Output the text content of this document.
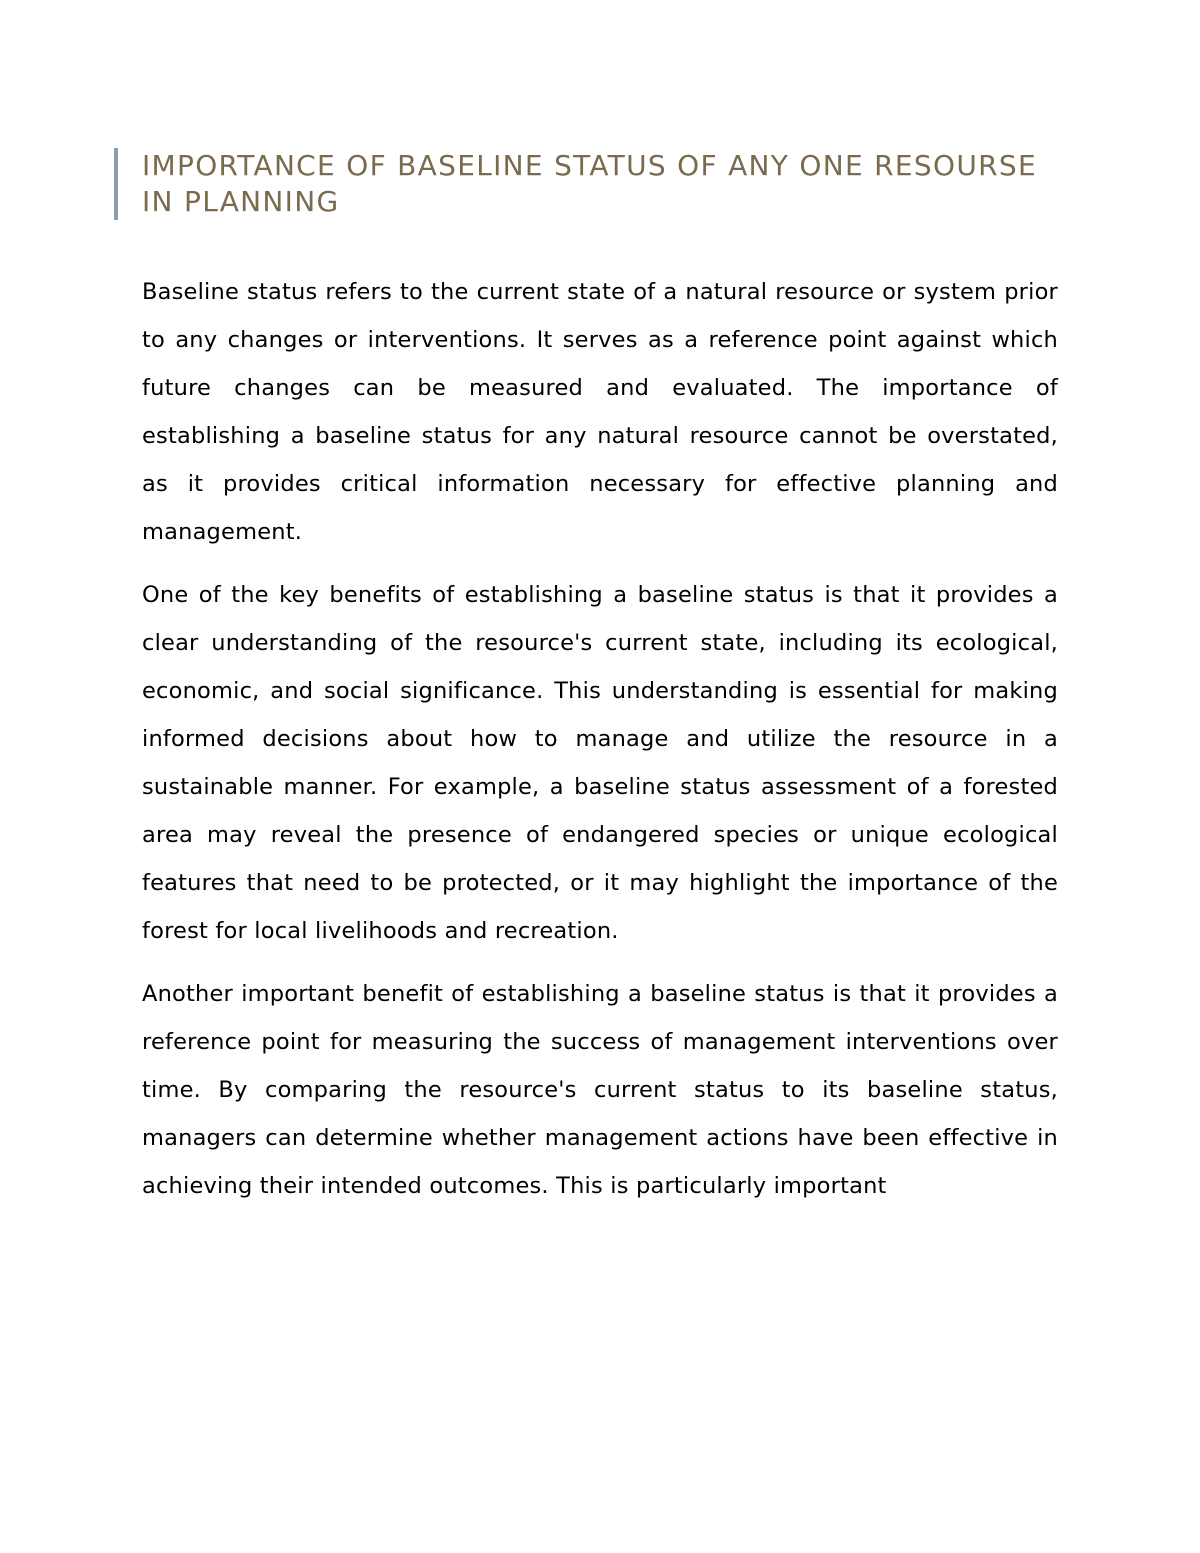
IMPORTANCE OF BASELINE STATUS OF ANY ONE RESOURSE IN PLANNING

Baseline status refers to the current state of a natural resource or system prior to any changes or interventions. It serves as a reference point against which future changes can be measured and evaluated. The importance of establishing a baseline status for any natural resource cannot be overstated, as it provides critical information necessary for effective planning and management.

One of the key benefits of establishing a baseline status is that it provides a clear understanding of the resource's current state, including its ecological, economic, and social significance. This understanding is essential for making informed decisions about how to manage and utilize the resource in a sustainable manner. For example, a baseline status assessment of a forested area may reveal the presence of endangered species or unique ecological features that need to be protected, or it may highlight the importance of the forest for local livelihoods and recreation.

Another important benefit of establishing a baseline status is that it provides a reference point for measuring the success of management interventions over time. By comparing the resource's current status to its baseline status, managers can determine whether management actions have been effective in achieving their intended outcomes. This is particularly important
